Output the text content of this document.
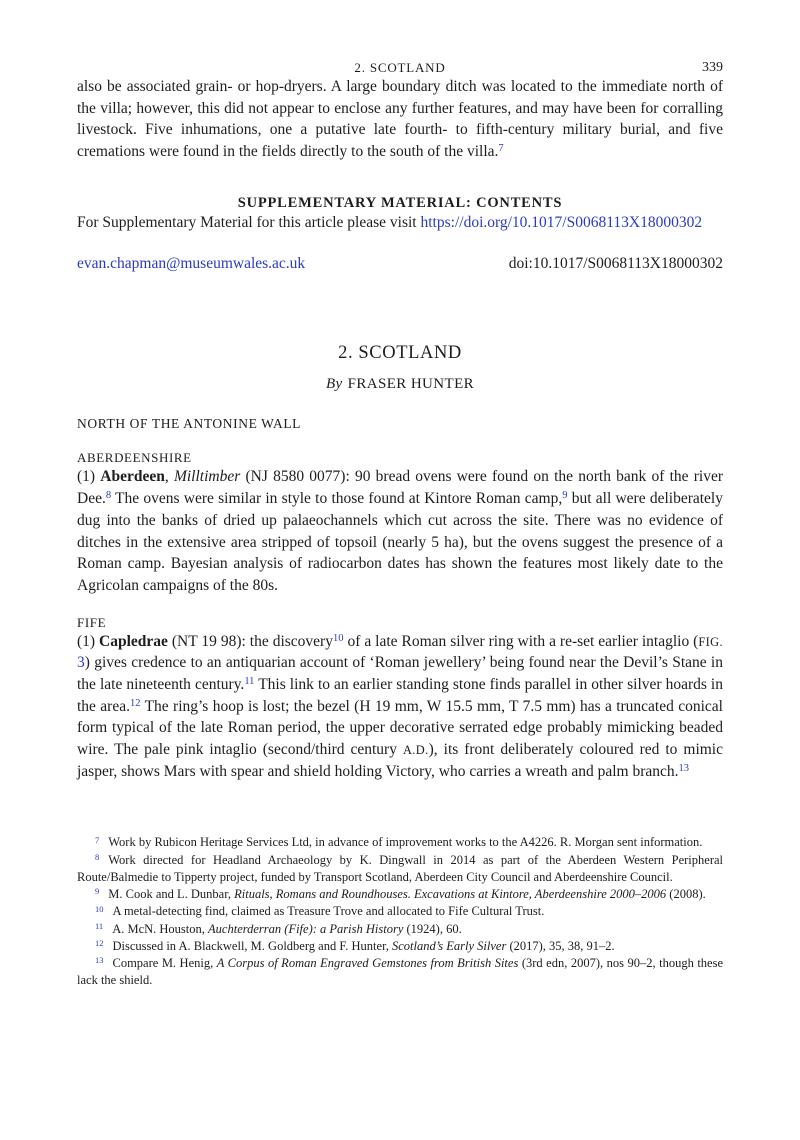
2. SCOTLAND	339

also be associated grain- or hop-dryers. A large boundary ditch was located to the immediate north of the villa; however, this did not appear to enclose any further features, and may have been for corralling livestock. Five inhumations, one a putative late fourth- to fifth-century military burial, and five cremations were found in the fields directly to the south of the villa.$^7$

SUPPLEMENTARY MATERIAL: CONTENTS

For Supplementary Material for this article please visit https://doi.org/10.1017/S0068113X18000302

evan.chapman@museumwales.ac.uk	doi:10.1017/S0068113X18000302
2. SCOTLAND
By FRASER HUNTER
NORTH OF THE ANTONINE WALL
ABERDEENSHIRE

(1) Aberdeen, Milltimber (NJ 8580 0077): 90 bread ovens were found on the north bank of the river Dee.$^8$ The ovens were similar in style to those found at Kintore Roman camp,$^9$ but all were deliberately dug into the banks of dried up palaeochannels which cut across the site. There was no evidence of ditches in the extensive area stripped of topsoil (nearly 5 ha), but the ovens suggest the presence of a Roman camp. Bayesian analysis of radiocarbon dates has shown the features most likely date to the Agricolan campaigns of the 80s.

FIFE

(1) Capledrae (NT 19 98): the discovery$^{10}$ of a late Roman silver ring with a re-set earlier intaglio (FIG. 3) gives credence to an antiquarian account of ‘Roman jewellery’ being found near the Devil’s Stane in the late nineteenth century.$^{11}$ This link to an earlier standing stone finds parallel in other silver hoards in the area.$^{12}$ The ring’s hoop is lost; the bezel (H 19 mm, W 15.5 mm, T 7.5 mm) has a truncated conical form typical of the late Roman period, the upper decorative serrated edge probably mimicking beaded wire. The pale pink intaglio (second/third century A.D.), its front deliberately coloured red to mimic jasper, shows Mars with spear and shield holding Victory, who carries a wreath and palm branch.$^{13}$

$^7$ Work by Rubicon Heritage Services Ltd, in advance of improvement works to the A4226. R. Morgan sent information.

$^8$ Work directed for Headland Archaeology by K. Dingwall in 2014 as part of the Aberdeen Western Peripheral Route/Balmedie to Tipperty project, funded by Transport Scotland, Aberdeen City Council and Aberdeenshire Council.

$^9$ M. Cook and L. Dunbar, Rituals, Romans and Roundhouses. Excavations at Kintore, Aberdeenshire 2000–2006 (2008).

$^{10}$ A metal-detecting find, claimed as Treasure Trove and allocated to Fife Cultural Trust.

$^{11}$ A. McN. Houston, Auchterderran (Fife): a Parish History (1924), 60.

$^{12}$ Discussed in A. Blackwell, M. Goldberg and F. Hunter, Scotland’s Early Silver (2017), 35, 38, 91–2.

$^{13}$ Compare M. Henig, A Corpus of Roman Engraved Gemstones from British Sites (3rd edn, 2007), nos 90–2, though these lack the shield.
